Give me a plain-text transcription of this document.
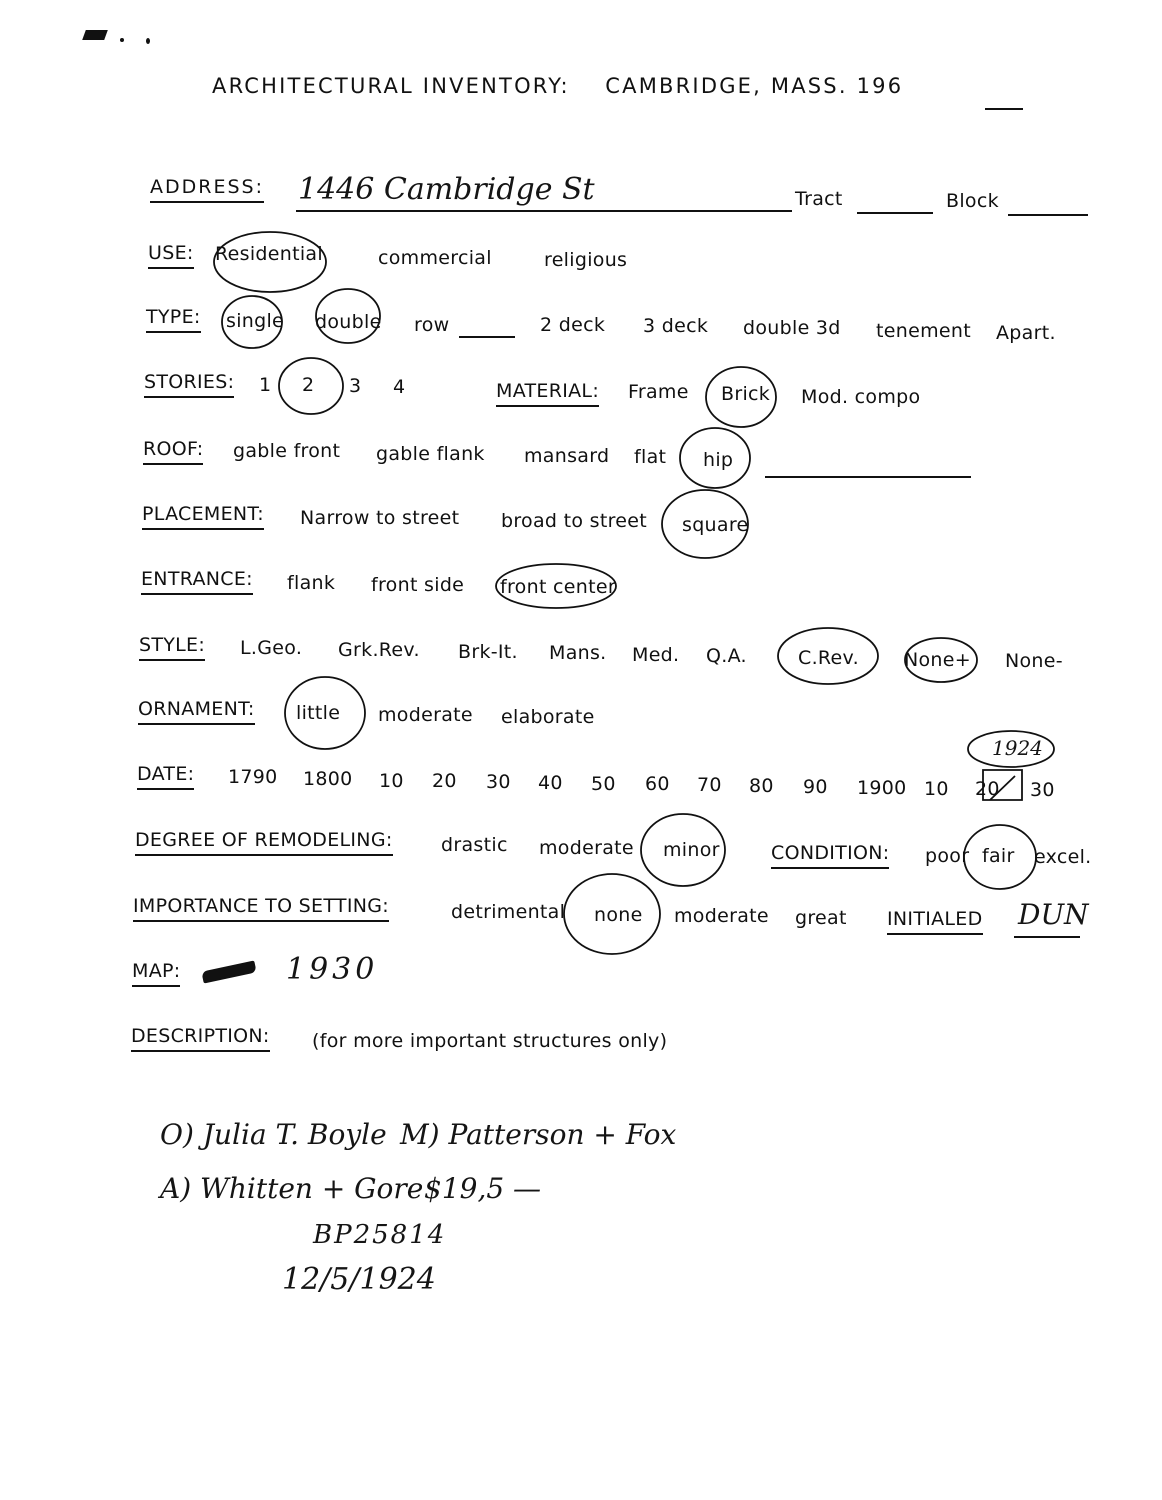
ARCHITECTURAL INVENTORY: CAMBRIDGE, MASS. 196
ADDRESS: 1446 Cambridge St	Tract	Block
USE: Residential	commercial	religious
TYPE: single double row	2 deck 3 deck double 3d tenement Apart.
STORIES: 1 2 3 4	MATERIAL: Frame Brick Mod. compo
ROOF: gable front gable flank mansard flat hip
PLACEMENT: Narrow to street broad to street square
ENTRANCE: flank front side front center
STYLE: L.Geo. Grk.Rev. Brk-It. Mans. Med. Q.A.	C.Rev. None+ None-
ORNAMENT: little moderate elaborate
DATE: 1790 1800 10 20 30 40 50 60 70 80 90 1900 10 20 30
1924
DEGREE OF REMODELING:	drastic moderate minor	CONDITION: poor fair excel.
IMPORTANCE TO SETTING:	detrimental none moderate great INITIALED DUN
MAP:	1930
DESCRIPTION: (for more important structures only)
O) Julia T. Boyle M) Patterson + Fox
A) Whitten + Gore $19,5 —
BP25814
12/5/1924
